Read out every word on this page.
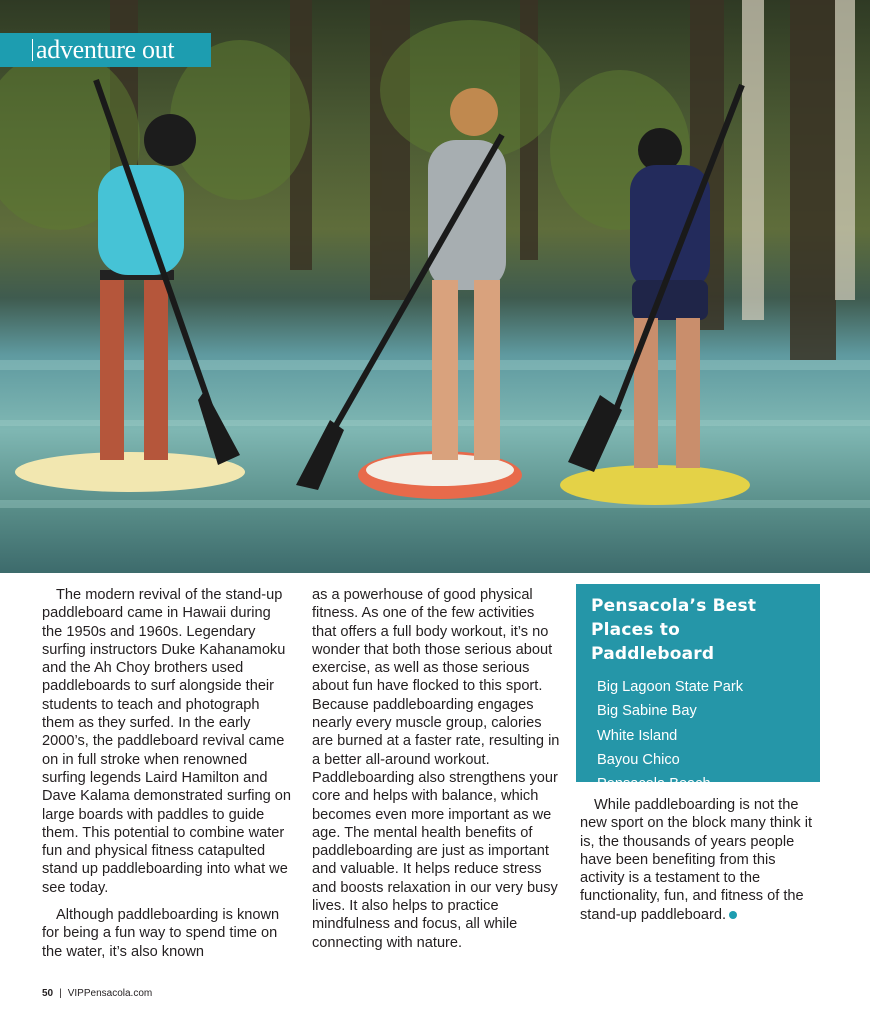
adventure out

The modern revival of the stand-up paddleboard came in Hawaii during the 1950s and 1960s. Legendary surfing instructors Duke Kahanamoku and the Ah Choy brothers used paddleboards to surf alongside their students to teach and photograph them as they surfed. In the early 2000’s, the paddleboard revival came on in full stroke when renowned surfing legends Laird Hamilton and Dave Kalama demonstrated surfing on large boards with paddles to guide them. This potential to combine water fun and physical fitness catapulted stand up paddleboarding into what we see today.

Although paddleboarding is known for being a fun way to spend time on the water, it’s also known

as a powerhouse of good physical fitness. As one of the few activities that offers a full body workout, it’s no wonder that both those serious about exercise, as well as those serious about fun have flocked to this sport. Because paddleboarding engages nearly every muscle group, calories are burned at a faster rate, resulting in a better all-around workout. Paddleboarding also strengthens your core and helps with balance, which becomes even more important as we age. The mental health benefits of paddleboarding are just as important and valuable. It helps reduce stress and boosts relaxation in our very busy lives. It also helps to practice mindfulness and focus, all while connecting with nature.

Pensacola’s Best
Places to Paddleboard
Big Lagoon State Park
Big Sabine Bay
White Island
Bayou Chico
Pensacola Beach

While paddleboarding is not the new sport on the block many think it is, the thousands of years people have been benefiting from this activity is a testament to the functionality, fun, and fitness of the stand-up paddleboard.

50 | VIPPensacola.com
